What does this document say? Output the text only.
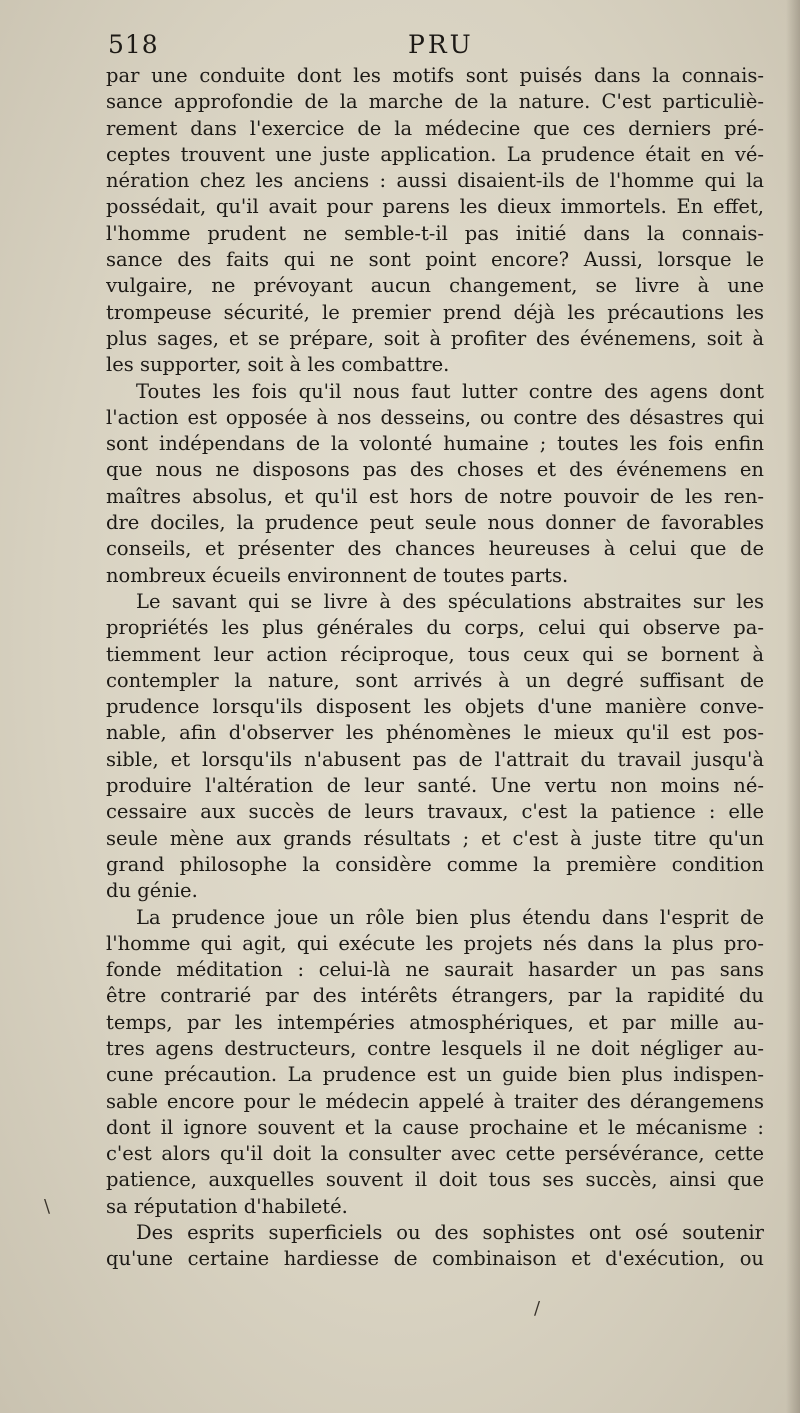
518	PRU
par une conduite dont les motifs sont puisés dans la connais-
sance approfondie de la marche de la nature. C'est particuliè-
rement dans l'exercice de la médecine que ces derniers pré-
ceptes trouvent une juste application. La prudence était en vé-
nération chez les anciens : aussi disaient-ils de l'homme qui la
possédait, qu'il avait pour parens les dieux immortels. En effet,
l'homme prudent ne semble-t-il pas initié dans la connais-
sance des faits qui ne sont point encore? Aussi, lorsque le
vulgaire, ne prévoyant aucun changement, se livre à une
trompeuse sécurité, le premier prend déjà les précautions les
plus sages, et se prépare, soit à profiter des événemens, soit à
les supporter, soit à les combattre.
Toutes les fois qu'il nous faut lutter contre des agens dont
l'action est opposée à nos desseins, ou contre des désastres qui
sont indépendans de la volonté humaine ; toutes les fois enfin
que nous ne disposons pas des choses et des événemens en
maîtres absolus, et qu'il est hors de notre pouvoir de les ren-
dre dociles, la prudence peut seule nous donner de favorables
conseils, et présenter des chances heureuses à celui que de
nombreux écueils environnent de toutes parts.
Le savant qui se livre à des spéculations abstraites sur les
propriétés les plus générales du corps, celui qui observe pa-
tiemment leur action réciproque, tous ceux qui se bornent à
contempler la nature, sont arrivés à un degré suffisant de
prudence lorsqu'ils disposent les objets d'une manière conve-
nable, afin d'observer les phénomènes le mieux qu'il est pos-
sible, et lorsqu'ils n'abusent pas de l'attrait du travail jusqu'à
produire l'altération de leur santé. Une vertu non moins né-
cessaire aux succès de leurs travaux, c'est la patience : elle
seule mène aux grands résultats ; et c'est à juste titre qu'un
grand philosophe la considère comme la première condition
du génie.
La prudence joue un rôle bien plus étendu dans l'esprit de
l'homme qui agit, qui exécute les projets nés dans la plus pro-
fonde méditation : celui-là ne saurait hasarder un pas sans
être contrarié par des intérêts étrangers, par la rapidité du
temps, par les intempéries atmosphériques, et par mille au-
tres agens destructeurs, contre lesquels il ne doit négliger au-
cune précaution. La prudence est un guide bien plus indispen-
sable encore pour le médecin appelé à traiter des dérangemens
dont il ignore souvent et la cause prochaine et le mécanisme :
c'est alors qu'il doit la consulter avec cette persévérance, cette
patience, auxquelles souvent il doit tous ses succès, ainsi que
sa réputation d'habileté.
Des esprits superficiels ou des sophistes ont osé soutenir
qu'une certaine hardiesse de combinaison et d'exécution, ou
\
/
